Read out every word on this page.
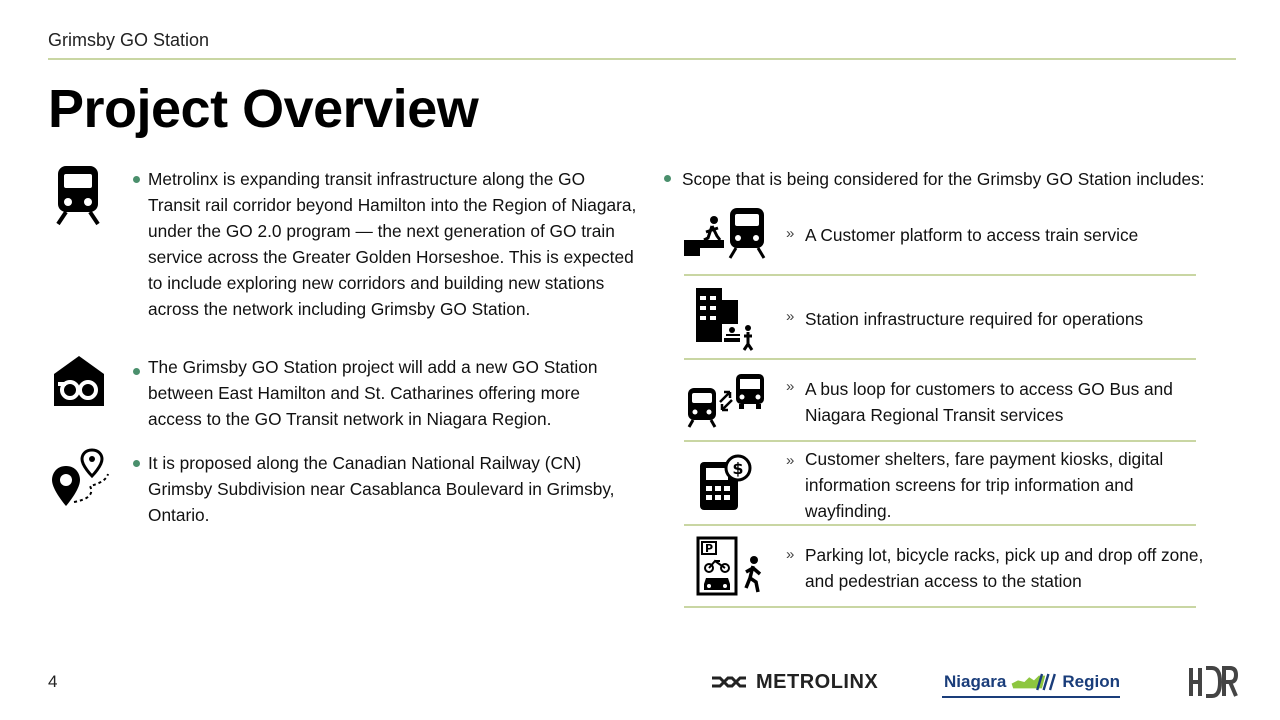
Grimsby GO Station
Project Overview
Metrolinx is expanding transit infrastructure along the GO Transit rail corridor beyond Hamilton into the Region of Niagara, under the GO 2.0 program — the next generation of GO train service across the Greater Golden Horseshoe. This is expected to include exploring new corridors and building new stations across the network including Grimsby GO Station.
The Grimsby GO Station project will add a new GO Station between East Hamilton and St. Catharines offering more access to the GO Transit network in Niagara Region.
It is proposed along the Canadian National Railway (CN) Grimsby Subdivision near Casablanca Boulevard in Grimsby, Ontario.
Scope that is being considered for the Grimsby GO Station includes:
» A Customer platform to access train service
» Station infrastructure required for operations
» A bus loop for customers to access GO Bus and Niagara Regional Transit services
$	» Customer shelters, fare payment kiosks, digital information screens for trip information and wayfinding.
P	» Parking lot, bicycle racks, pick up and drop off zone, and pedestrian access to the station
4	METROLINX	Niagara	Region
